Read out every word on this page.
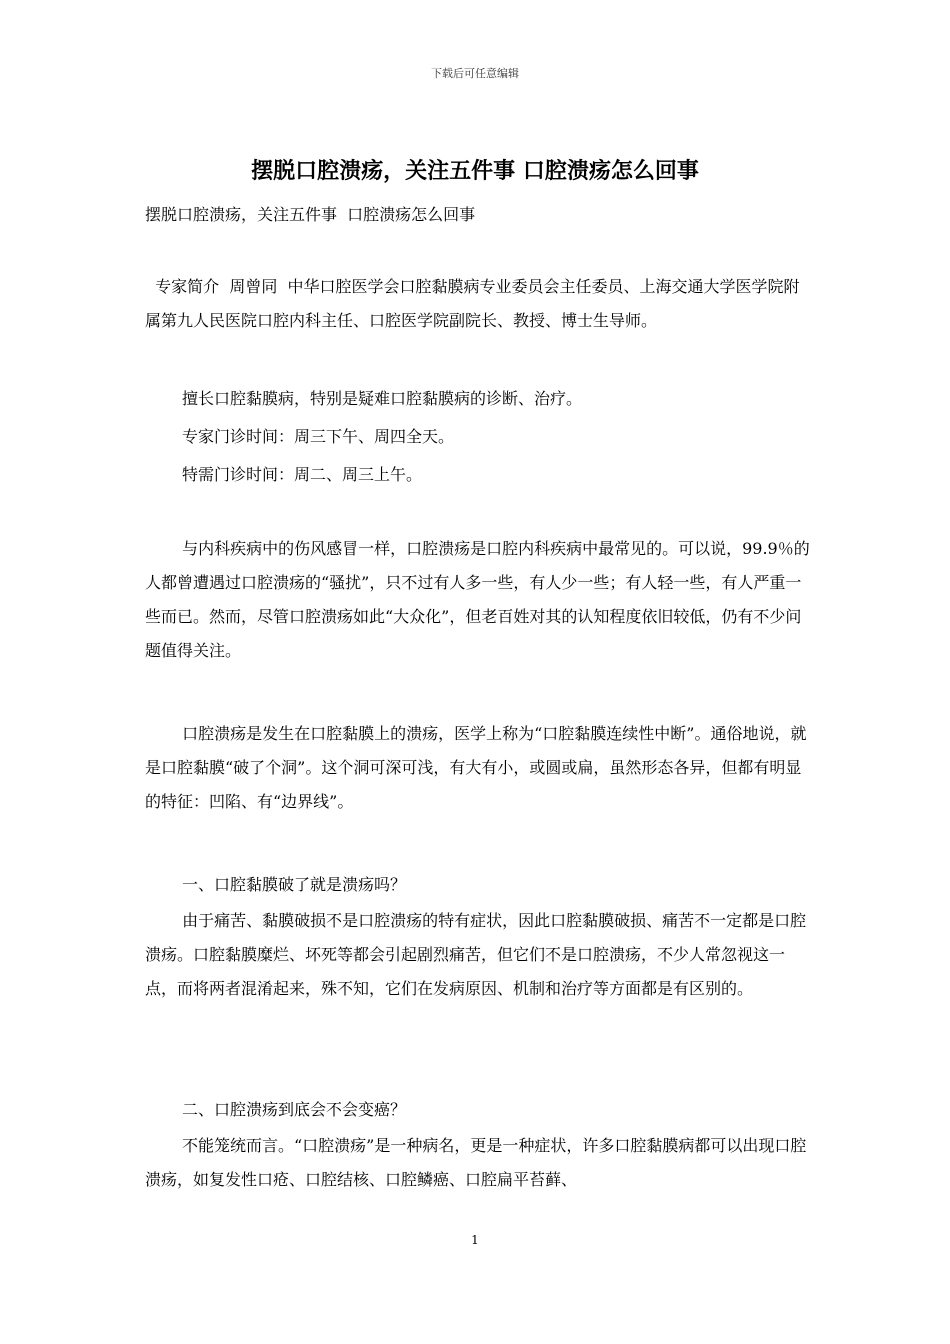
下载后可任意编辑
摆脱口腔溃疡，关注五件事 口腔溃疡怎么回事

摆脱口腔溃疡，关注五件事  口腔溃疡怎么回事

专家简介  周曾同  中华口腔医学会口腔黏膜病专业委员会主任委员、上海交通大学医学院附属第九人民医院口腔内科主任、口腔医学院副院长、教授、博士生导师。

擅长口腔黏膜病，特别是疑难口腔黏膜病的诊断、治疗。

专家门诊时间：周三下午、周四全天。

特需门诊时间：周二、周三上午。

与内科疾病中的伤风感冒一样，口腔溃疡是口腔内科疾病中最常见的。可以说，99.9％的人都曾遭遇过口腔溃疡的“骚扰”，只不过有人多一些，有人少一些；有人轻一些，有人严重一些而已。然而，尽管口腔溃疡如此“大众化”，但老百姓对其的认知程度依旧较低，仍有不少问题值得关注。

口腔溃疡是发生在口腔黏膜上的溃疡，医学上称为“口腔黏膜连续性中断”。通俗地说，就是口腔黏膜“破了个洞”。这个洞可深可浅，有大有小，或圆或扁，虽然形态各异，但都有明显的特征：凹陷、有“边界线”。

一、口腔黏膜破了就是溃疡吗？

由于痛苦、黏膜破损不是口腔溃疡的特有症状，因此口腔黏膜破损、痛苦不一定都是口腔溃疡。口腔黏膜糜烂、坏死等都会引起剧烈痛苦，但它们不是口腔溃疡，不少人常忽视这一点，而将两者混淆起来，殊不知，它们在发病原因、机制和治疗等方面都是有区别的。

二、口腔溃疡到底会不会变癌？

不能笼统而言。“口腔溃疡”是一种病名，更是一种症状，许多口腔黏膜病都可以出现口腔溃疡，如复发性口疮、口腔结核、口腔鳞癌、口腔扁平苔藓、

1
